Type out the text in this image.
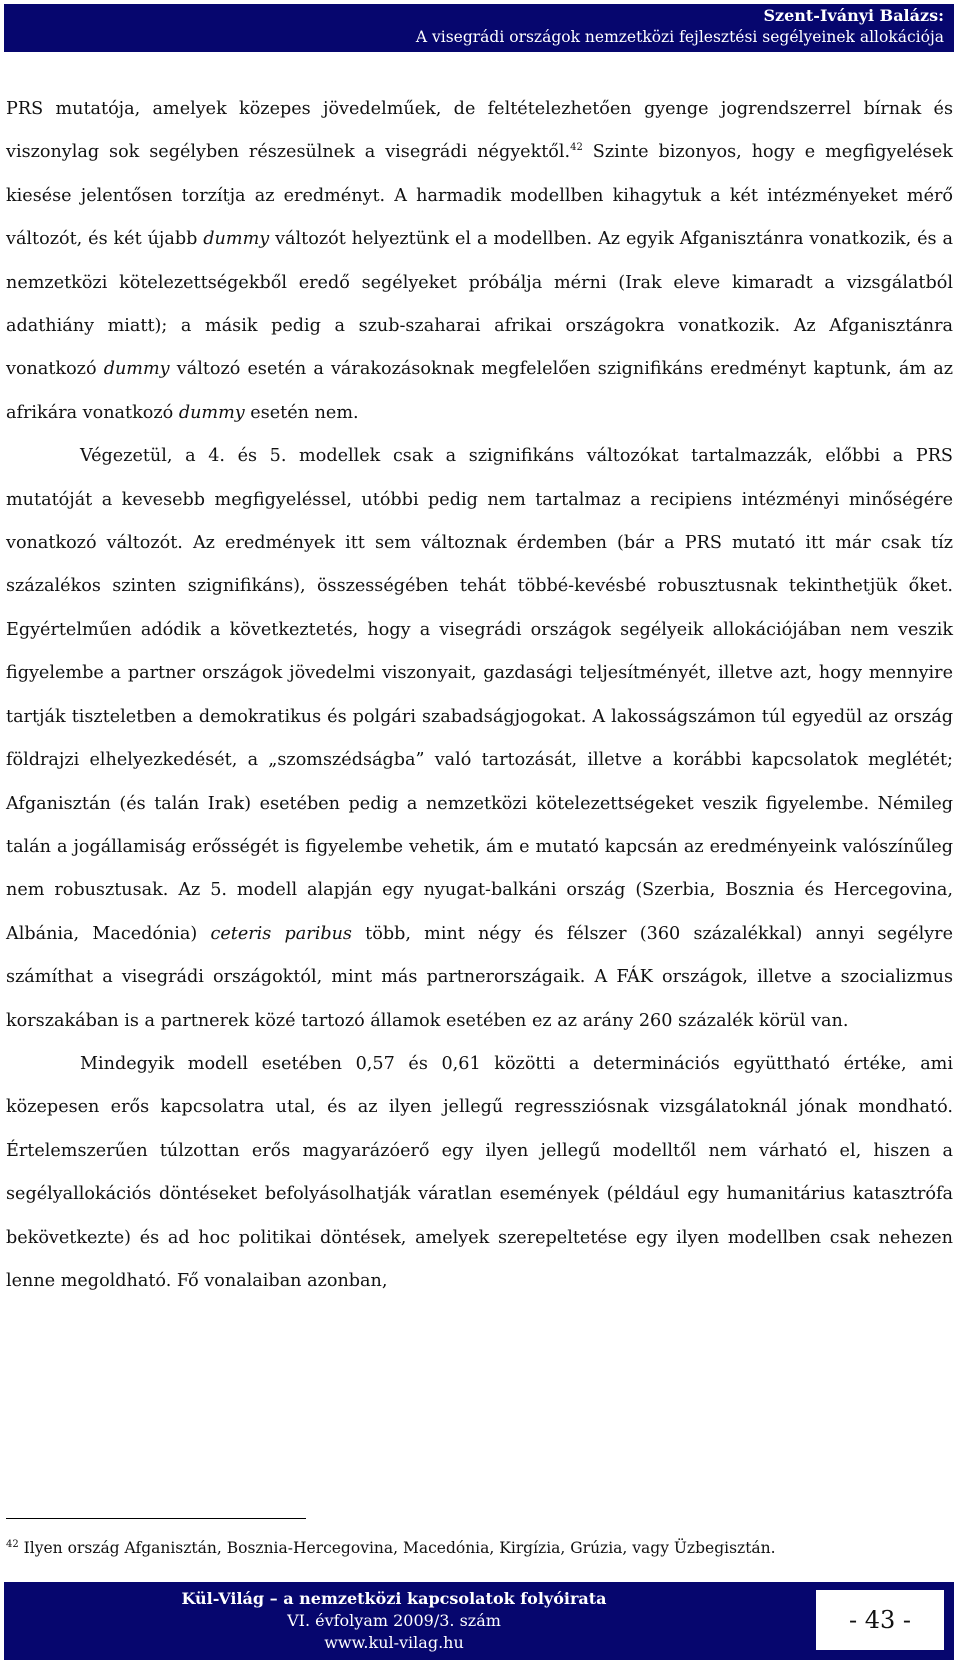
Szent-Iványi Balázs:
A visegrádi országok nemzetközi fejlesztési segélyeinek allokációja

PRS mutatója, amelyek közepes jövedelműek, de feltételezhetően gyenge jogrendszerrel bírnak és viszonylag sok segélyben részesülnek a visegrádi négyektől.$^{42}$ Szinte bizonyos, hogy e megfigyelések kiesése jelentősen torzítja az eredményt. A harmadik modellben kihagytuk a két intézményeket mérő változót, és két újabb dummy változót helyeztünk el a modellben. Az egyik Afganisztánra vonatkozik, és a nemzetközi kötelezettségekből eredő segélyeket próbálja mérni (Irak eleve kimaradt a vizsgálatból adathiány miatt); a másik pedig a szub-szaharai afrikai országokra vonatkozik. Az Afganisztánra vonatkozó dummy változó esetén a várakozásoknak megfelelően szignifikáns eredményt kaptunk, ám az afrikára vonatkozó dummy esetén nem.

Végezetül, a 4. és 5. modellek csak a szignifikáns változókat tartalmazzák, előbbi a PRS mutatóját a kevesebb megfigyeléssel, utóbbi pedig nem tartalmaz a recipiens intézményi minőségére vonatkozó változót. Az eredmények itt sem változnak érdemben (bár a PRS mutató itt már csak tíz százalékos szinten szignifikáns), összességében tehát többé-kevésbé robusztusnak tekinthetjük őket. Egyértelműen adódik a következtetés, hogy a visegrádi országok segélyeik allokációjában nem veszik figyelembe a partner országok jövedelmi viszonyait, gazdasági teljesítményét, illetve azt, hogy mennyire tartják tiszteletben a demokratikus és polgári szabadságjogokat. A lakosságszámon túl egyedül az ország földrajzi elhelyezkedését, a „szomszédságba” való tartozását, illetve a korábbi kapcsolatok meglétét; Afganisztán (és talán Irak) esetében pedig a nemzetközi kötelezettségeket veszik figyelembe. Némileg talán a jogállamiság erősségét is figyelembe vehetik, ám e mutató kapcsán az eredményeink valószínűleg nem robusztusak. Az 5. modell alapján egy nyugat-balkáni ország (Szerbia, Bosznia és Hercegovina, Albánia, Macedónia) ceteris paribus több, mint négy és félszer (360 százalékkal) annyi segélyre számíthat a visegrádi országoktól, mint más partnerországaik. A FÁK országok, illetve a szocializmus korszakában is a partnerek közé tartozó államok esetében ez az arány 260 százalék körül van.

Mindegyik modell esetében 0,57 és 0,61 közötti a determinációs együttható értéke, ami közepesen erős kapcsolatra utal, és az ilyen jellegű regressziósnak vizsgálatoknál jónak mondható. Értelemszerűen túlzottan erős magyarázóerő egy ilyen jellegű modelltől nem várható el, hiszen a segélyallokációs döntéseket befolyásolhatják váratlan események (például egy humanitárius katasztrófa bekövetkezte) és ad hoc politikai döntések, amelyek szerepeltetése egy ilyen modellben csak nehezen lenne megoldható. Fő vonalaiban azonban,

$^{42}$ Ilyen ország Afganisztán, Bosznia-Hercegovina, Macedónia, Kirgízia, Grúzia, vagy Üzbegisztán.
Kül-Világ – a nemzetközi kapcsolatok folyóirata
VI. évfolyam 2009/3. szám
www.kul-vilag.hu
- 43 -
